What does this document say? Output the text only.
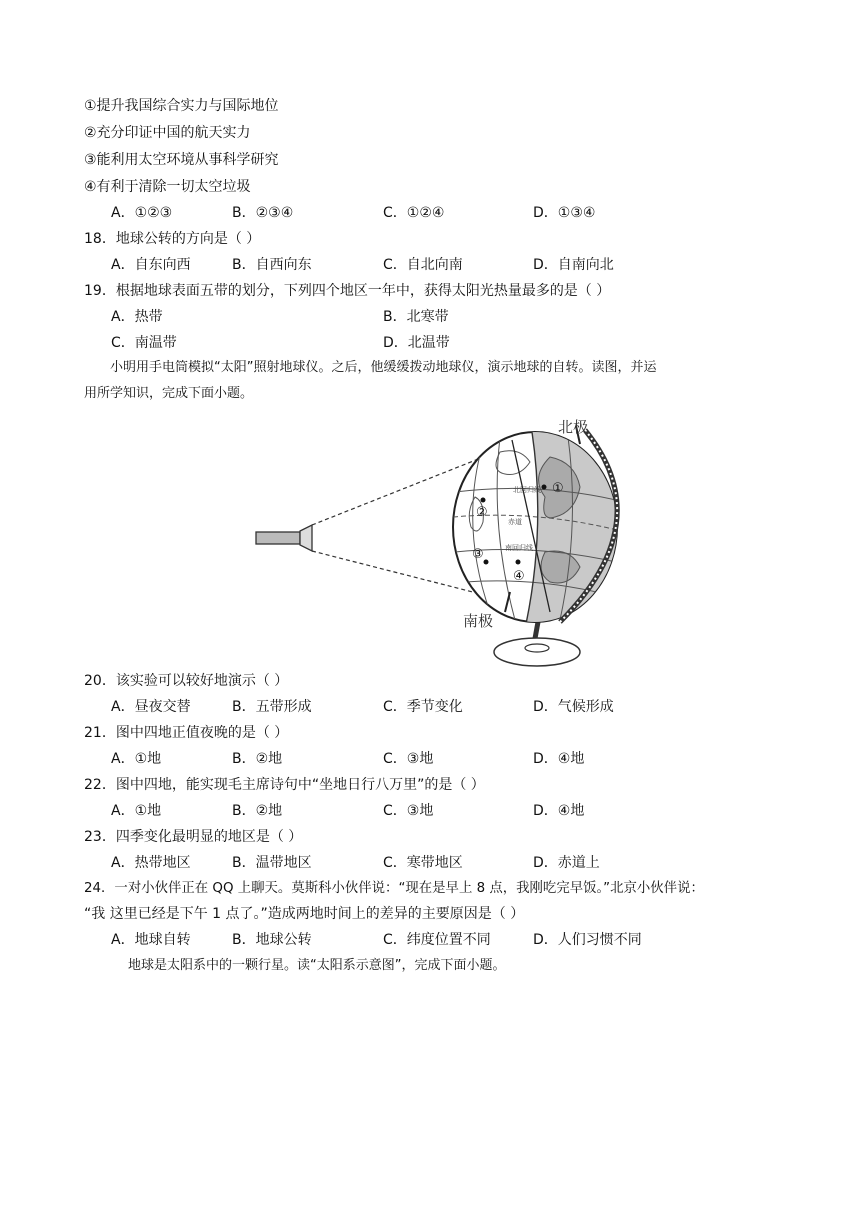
①提升我国综合实力与国际地位
②充分印证中国的航天实力
③能利用太空环境从事科学研究
④有利于清除一切太空垃圾
A．①②③	B．②③④	C．①②④	D．①③④
18．地球公转的方向是（ ）
A．自东向西	B．自西向东	C．自北向南	D．自南向北
19．根据地球表面五带的划分，下列四个地区一年中，获得太阳光热量最多的是（ ）
A．热带	B．北寒带
C．南温带	D．北温带
小明用手电筒模拟“太阳”照射地球仪。之后，他缓缓拨动地球仪，演示地球的自转。读图，并运
用所学知识，完成下面小题。
北回归线
赤道
南回归线
①
②
③
④
北极
南极
20．该实验可以较好地演示（ ）
A．昼夜交替	B．五带形成	C．季节变化	D．气候形成
21．图中四地正值夜晚的是（ ）
A．①地	B．②地	C．③地	D．④地
22．图中四地，能实现毛主席诗句中“坐地日行八万里”的是（ ）
A．①地	B．②地	C．③地	D．④地
23．四季变化最明显的地区是（ ）
A．热带地区	B．温带地区	C．寒带地区	D．赤道上
24．一对小伙伴正在 QQ 上聊天。莫斯科小伙伴说：“现在是早上 8 点，我刚吃完早饭。”北京小伙伴说：
“我 这里已经是下午 1 点了。”造成两地时间上的差异的主要原因是（ ）
A．地球自转	B．地球公转	C．纬度位置不同	D．人们习惯不同
地球是太阳系中的一颗行星。读“太阳系示意图”，完成下面小题。
